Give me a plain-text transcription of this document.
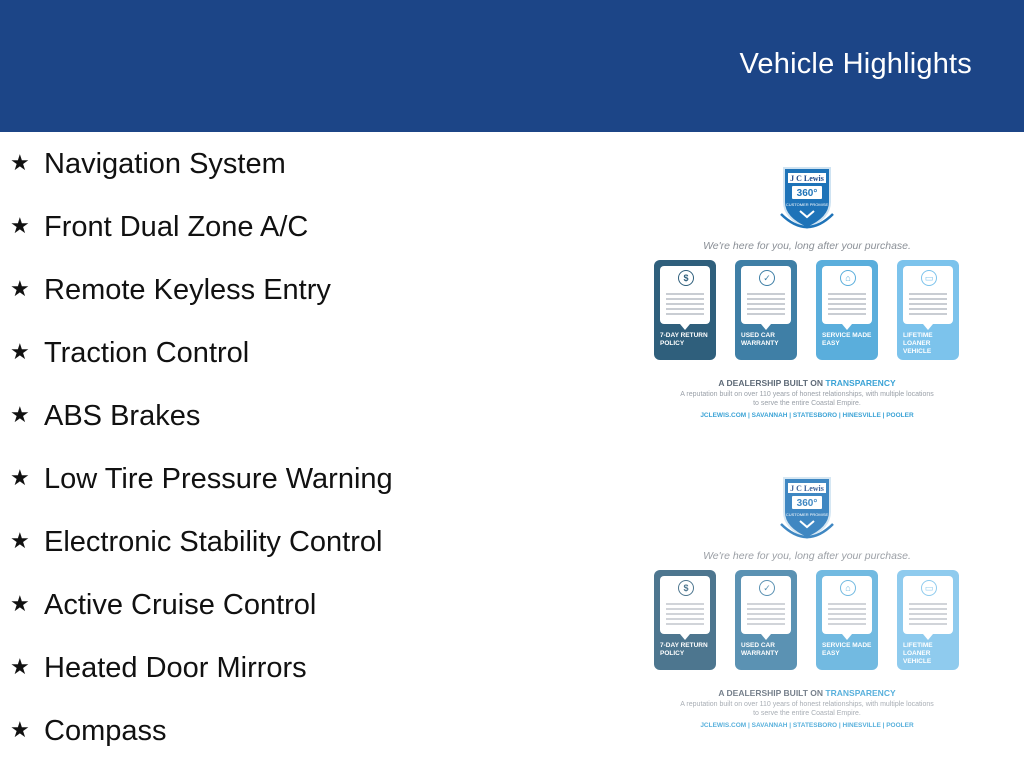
Vehicle Highlights
★ Navigation System
★ Front Dual Zone A/C
★ Remote Keyless Entry
★ Traction Control
★ ABS Brakes
★ Low Tire Pressure Warning
★ Electronic Stability Control
★ Active Cruise Control
★ Heated Door Mirrors
★ Compass
J C Lewis
360°
CUSTOMER PROMISE
We're here for you, long after your purchase.
$
7-DAY RETURN POLICY
✓
USED CAR WARRANTY
⌂
SERVICE MADE EASY
▭
LIFETIME LOANER VEHICLE
A DEALERSHIP BUILT ON TRANSPARENCY
A reputation built on over 110 years of honest relationships, with multiple locations to serve the entire Coastal Empire.
JCLEWIS.COM | SAVANNAH | STATESBORO | HINESVILLE | POOLER
J C Lewis
360°
CUSTOMER PROMISE
We're here for you, long after your purchase.
$
7-DAY RETURN POLICY
✓
USED CAR WARRANTY
⌂
SERVICE MADE EASY
▭
LIFETIME LOANER VEHICLE
A DEALERSHIP BUILT ON TRANSPARENCY
A reputation built on over 110 years of honest relationships, with multiple locations to serve the entire Coastal Empire.
JCLEWIS.COM | SAVANNAH | STATESBORO | HINESVILLE | POOLER
